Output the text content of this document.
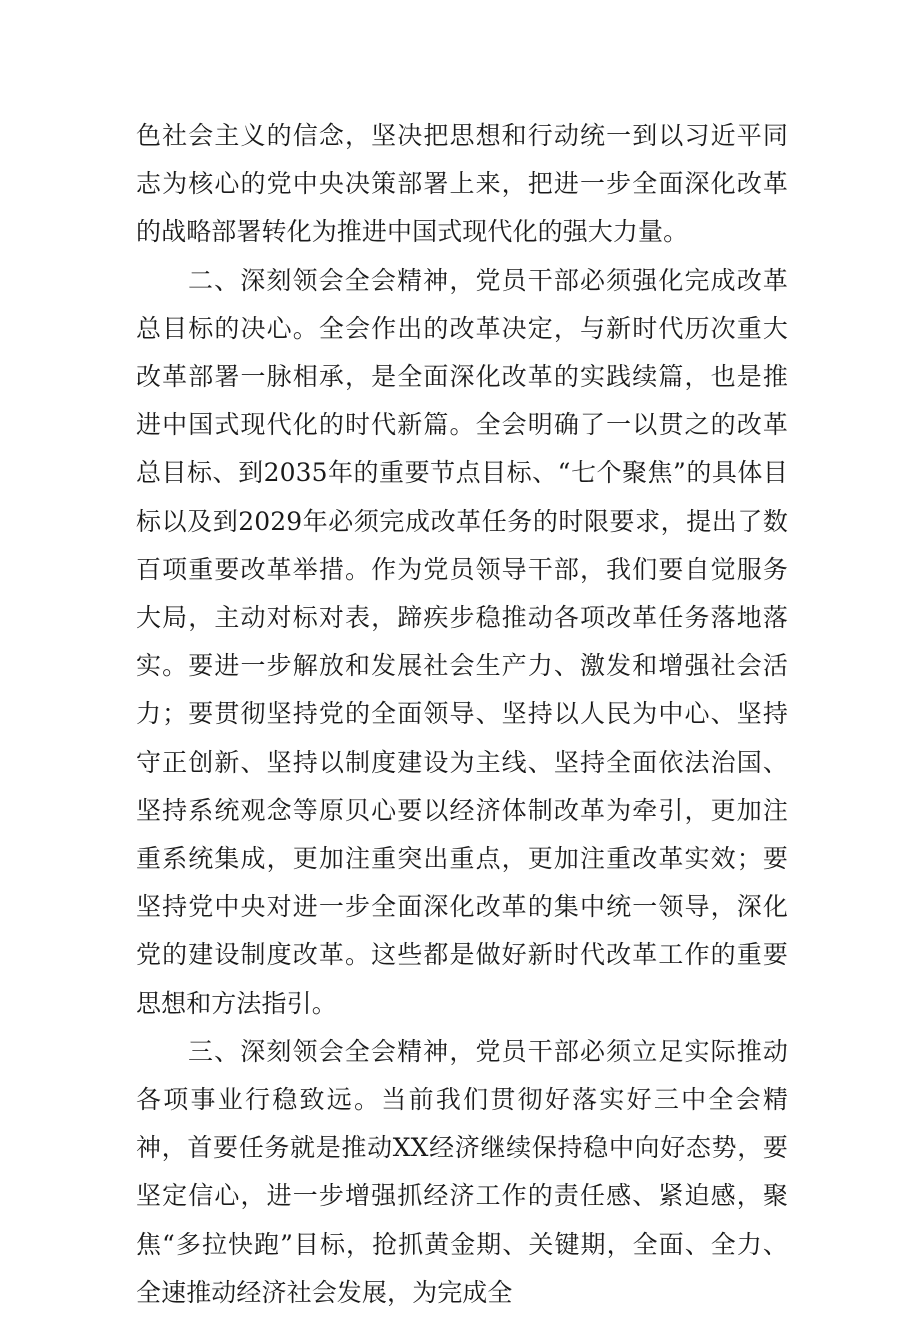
色社会主义的信念，坚决把思想和行动统一到以习近平同志为核心的党中央决策部署上来，把进一步全面深化改革的战略部署转化为推进中国式现代化的强大力量。

二、深刻领会全会精神，党员干部必须强化完成改革总目标的决心。全会作出的改革决定，与新时代历次重大改革部署一脉相承，是全面深化改革的实践续篇，也是推进中国式现代化的时代新篇。全会明确了一以贯之的改革总目标、到2035年的重要节点目标、“七个聚焦”的具体目标以及到2029年必须完成改革任务的时限要求，提出了数百项重要改革举措。作为党员领导干部，我们要自觉服务大局，主动对标对表，蹄疾步稳推动各项改革任务落地落实。要进一步解放和发展社会生产力、激发和增强社会活力；要贯彻坚持党的全面领导、坚持以人民为中心、坚持守正创新、坚持以制度建设为主线、坚持全面依法治国、坚持系统观念等原贝心要以经济体制改革为牵引，更加注重系统集成，更加注重突出重点，更加注重改革实效；要坚持党中央对进一步全面深化改革的集中统一领导，深化党的建设制度改革。这些都是做好新时代改革工作的重要思想和方法指引。

三、深刻领会全会精神，党员干部必须立足实际推动各项事业行稳致远。当前我们贯彻好落实好三中全会精神，首要任务就是推动XX经济继续保持稳中向好态势，要坚定信心，进一步增强抓经济工作的责任感、紧迫感，聚焦“多拉快跑”目标，抢抓黄金期、关键期，全面、全力、全速推动经济社会发展，为完成全
